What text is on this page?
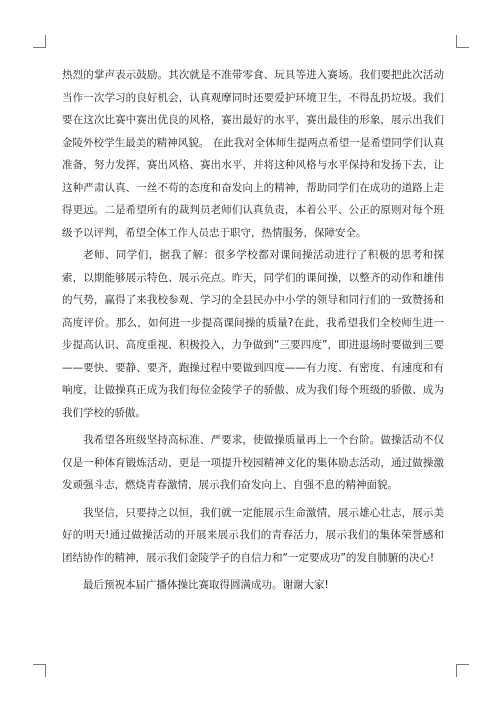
热烈的掌声表示鼓励。其次就是不准带零食、玩具等进入赛场。我们要把此次活动当作一次学习的良好机会，认真观摩同时还要爱护环境卫生，不得乱扔垃圾。我们要在这次比赛中赛出优良的风格，赛出最好的水平，赛出最佳的形象，展示出我们金陵外校学生最美的精神风貌。 在此我对全体师生提两点希望一是希望同学们认真准备，努力发挥，赛出风格、赛出水平，并将这种风格与水平保持和发扬下去，让这种严肃认真、一丝不苟的态度和奋发向上的精神，帮助同学们在成功的道路上走得更远。二是希望所有的裁判员老师们认真负责，本着公平、公正的原则对每个班级予以评判，希望全体工作人员忠于职守，热情服务，保障安全。

老师、同学们，据我了解：很多学校都对课间操活动进行了积极的思考和探索，以期能够展示特色、展示亮点。昨天，同学们的课间操，以整齐的动作和雄伟的气势，赢得了来我校参观、学习的全县民办中小学的领导和同行们的一致赞扬和高度评价。那么，如何进一步提高课间操的质量?在此，我希望我们全校师生进一步提高认识、高度重视、积极投入，力争做到“三要四度”，即进退场时要做到三要——要快、要静、要齐，跑操过程中要做到四度——有力度、有密度、有速度和有响度，让做操真正成为我们每位金陵学子的骄傲、成为我们每个班级的骄傲、成为我们学校的骄傲。

我希望各班级坚持高标准、严要求，使做操质量再上一个台阶。做操活动不仅仅是一种体育锻炼活动，更是一项提升校园精神文化的集体励志活动，通过做操激发顽强斗志，燃烧青春激情，展示我们奋发向上、自强不息的精神面貌。

我坚信，只要持之以恒，我们就一定能展示生命激情，展示雄心壮志，展示美好的明天!通过做操活动的开展来展示我们的青春活力，展示我们的集体荣誉感和团结协作的精神，展示我们金陵学子的自信力和“一定要成功”的发自肺腑的决心!

最后预祝本届广播体操比赛取得圆满成功。谢谢大家!
